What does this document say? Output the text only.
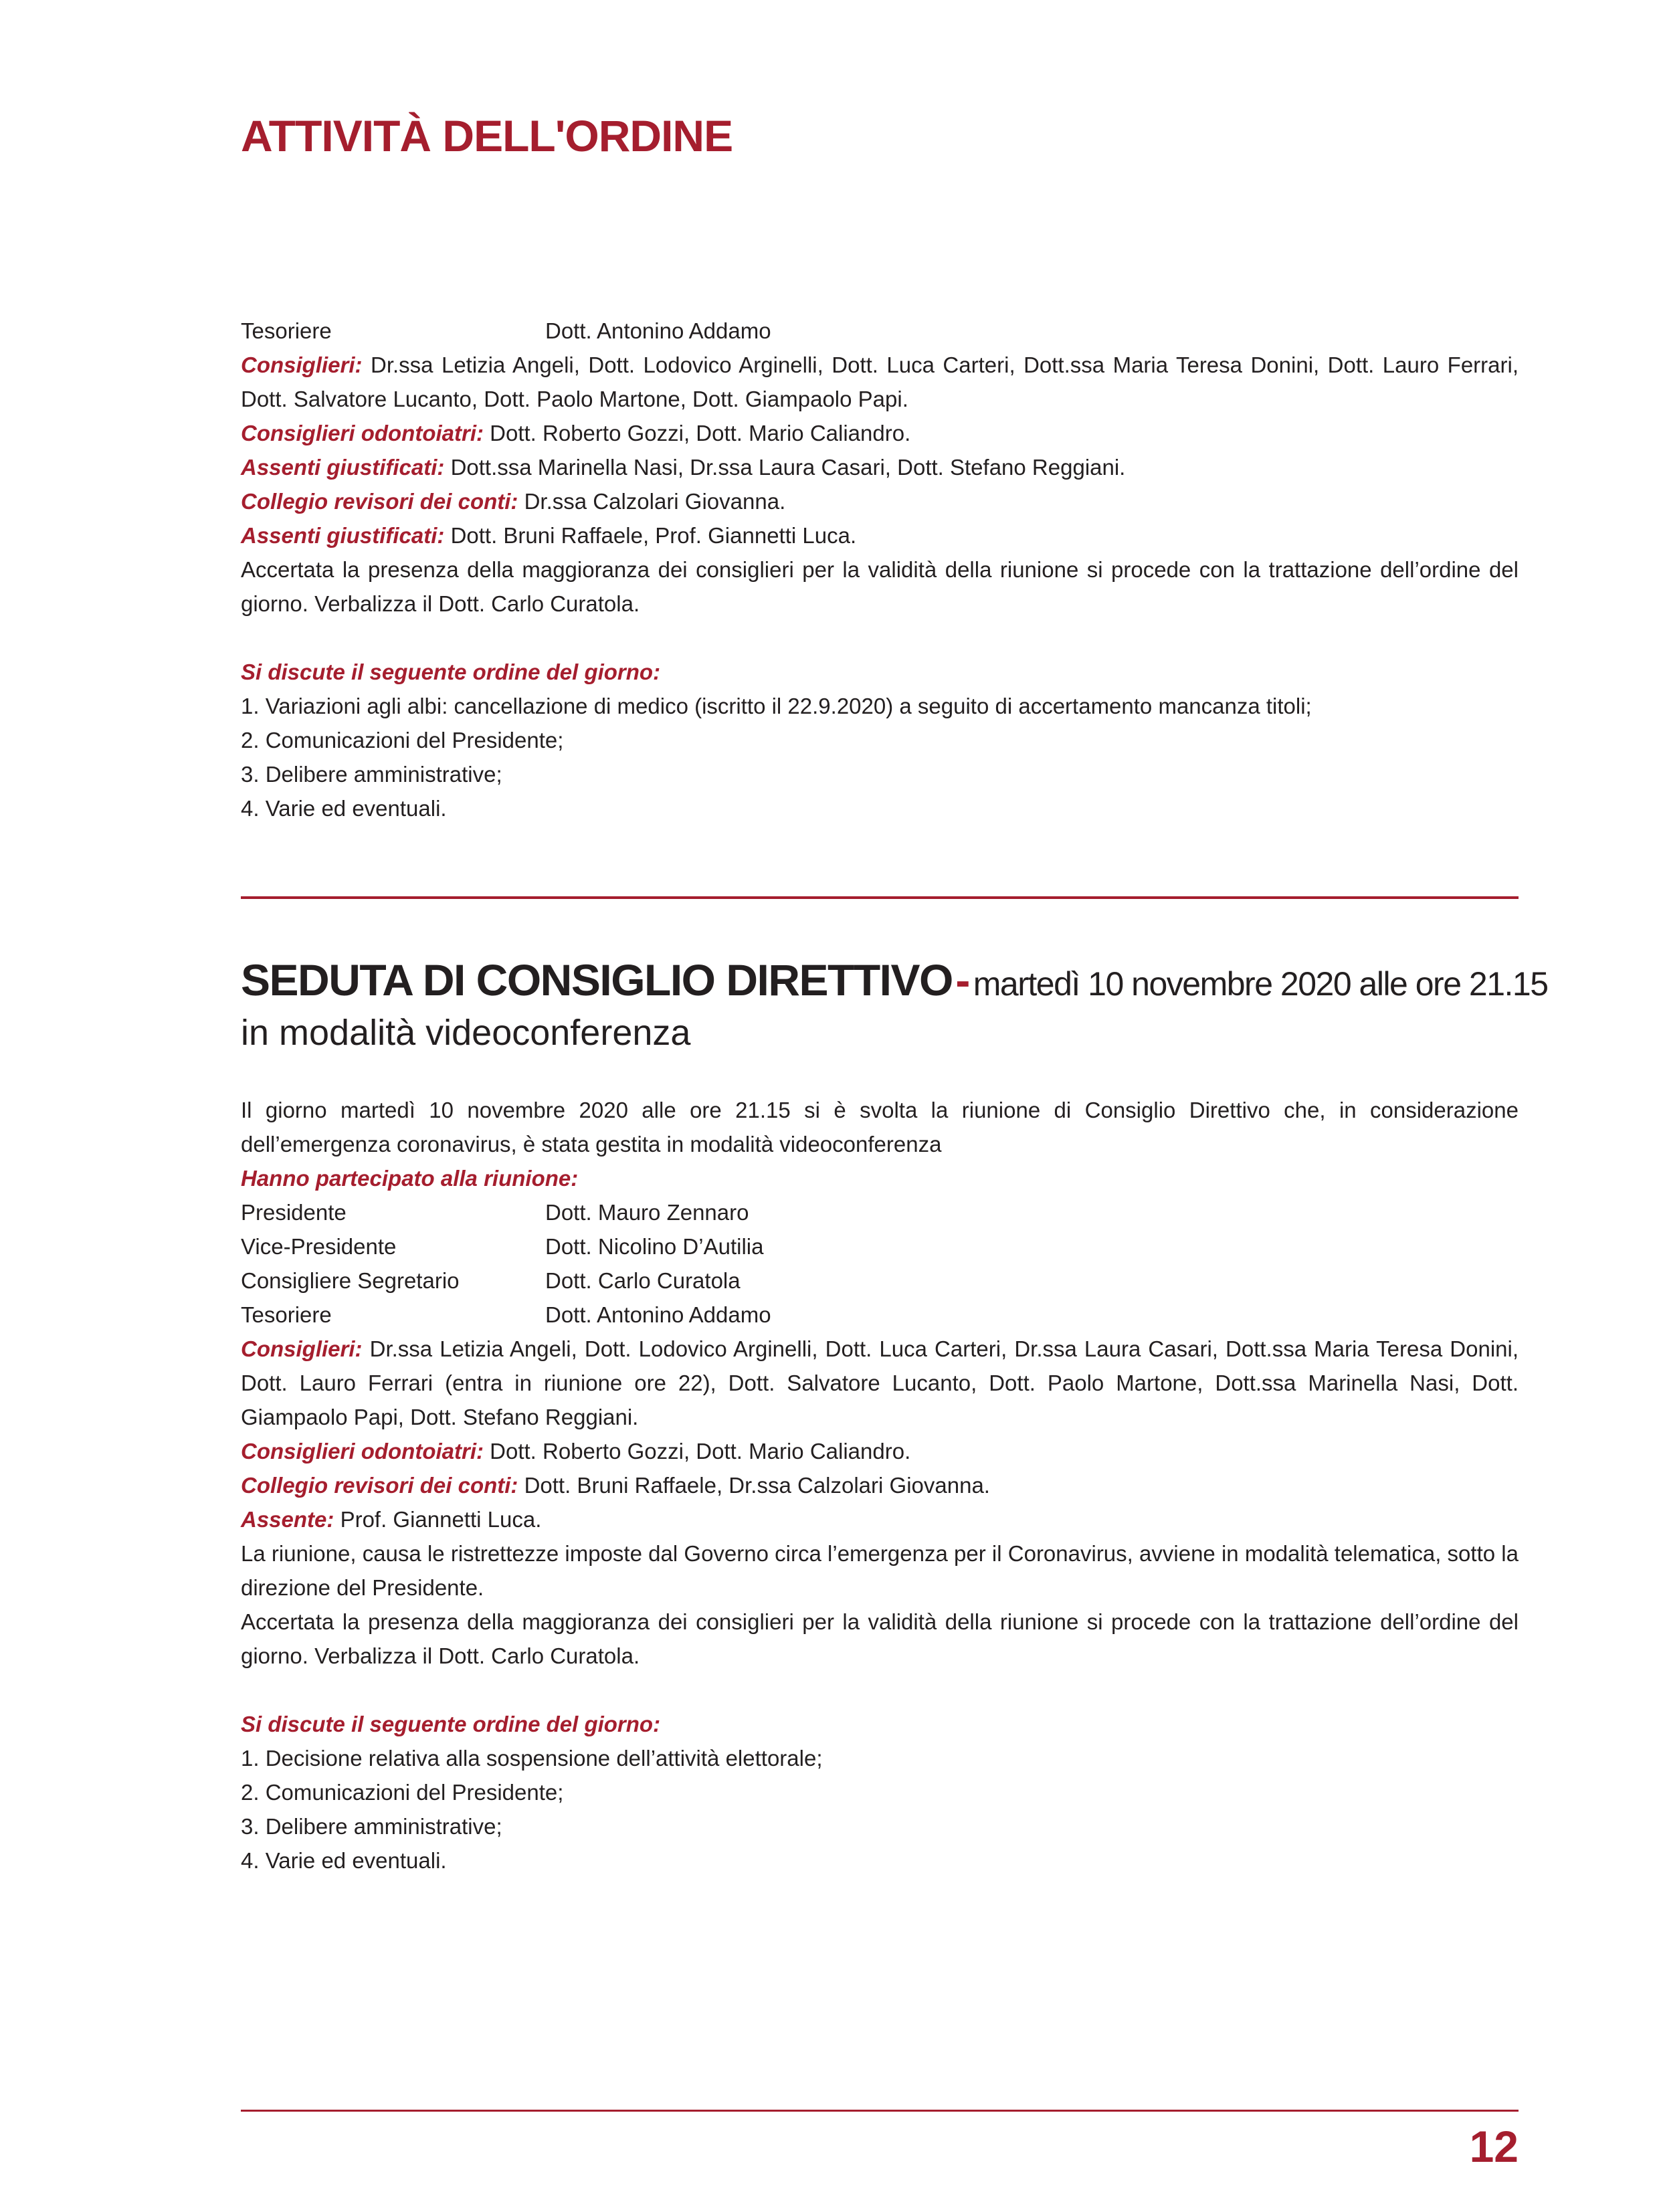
ATTIVITÀ DELL'ORDINE
Tesoriere	Dott. Antonino Addamo
Consiglieri: Dr.ssa Letizia Angeli, Dott. Lodovico Arginelli, Dott. Luca Carteri, Dott.ssa Maria Teresa Donini, Dott. Lauro Ferrari, Dott. Salvatore Lucanto, Dott. Paolo Martone, Dott. Giampaolo Papi.
Consiglieri odontoiatri: Dott. Roberto Gozzi, Dott. Mario Caliandro.
Assenti giustificati: Dott.ssa Marinella Nasi, Dr.ssa Laura Casari, Dott. Stefano Reggiani.
Collegio revisori dei conti: Dr.ssa Calzolari Giovanna.
Assenti giustificati: Dott. Bruni Raffaele, Prof. Giannetti Luca.
Accertata la presenza della maggioranza dei consiglieri per la validità della riunione si procede con la trattazione dell’ordine del giorno. Verbalizza il Dott. Carlo Curatola.
Si discute il seguente ordine del giorno:
1. Variazioni agli albi: cancellazione di medico (iscritto il 22.9.2020) a seguito di accertamento mancanza titoli;
2. Comunicazioni del Presidente;
3. Delibere amministrative;
4. Varie ed eventuali.
SEDUTA DI CONSIGLIO DIRETTIVO - martedì 10 novembre 2020 alle ore 21.15
in modalità videoconferenza
Il giorno martedì 10 novembre 2020 alle ore 21.15 si è svolta la riunione di Consiglio Direttivo che, in considerazione dell’emergenza coronavirus, è stata gestita in modalità videoconferenza
Hanno partecipato alla riunione:
Presidente	Dott. Mauro Zennaro
Vice-Presidente	Dott. Nicolino D’Autilia
Consigliere Segretario	Dott. Carlo Curatola
Tesoriere	Dott. Antonino Addamo
Consiglieri: Dr.ssa Letizia Angeli, Dott. Lodovico Arginelli, Dott. Luca Carteri, Dr.ssa Laura Casari, Dott.ssa Maria Teresa Donini, Dott. Lauro Ferrari (entra in riunione ore 22), Dott. Salvatore Lucanto, Dott. Paolo Martone, Dott.ssa Marinella Nasi, Dott. Giampaolo Papi, Dott. Stefano Reggiani.
Consiglieri odontoiatri: Dott. Roberto Gozzi, Dott. Mario Caliandro.
Collegio revisori dei conti: Dott. Bruni Raffaele, Dr.ssa Calzolari Giovanna.
Assente: Prof. Giannetti Luca.
La riunione, causa le ristrettezze imposte dal Governo circa l’emergenza per il Coronavirus, avviene in modalità telematica, sotto la direzione del Presidente.
Accertata la presenza della maggioranza dei consiglieri per la validità della riunione si procede con la trattazione dell’ordine del giorno. Verbalizza il Dott. Carlo Curatola.
Si discute il seguente ordine del giorno:
1. Decisione relativa alla sospensione dell’attività elettorale;
2. Comunicazioni del Presidente;
3. Delibere amministrative;
4. Varie ed eventuali.
12
